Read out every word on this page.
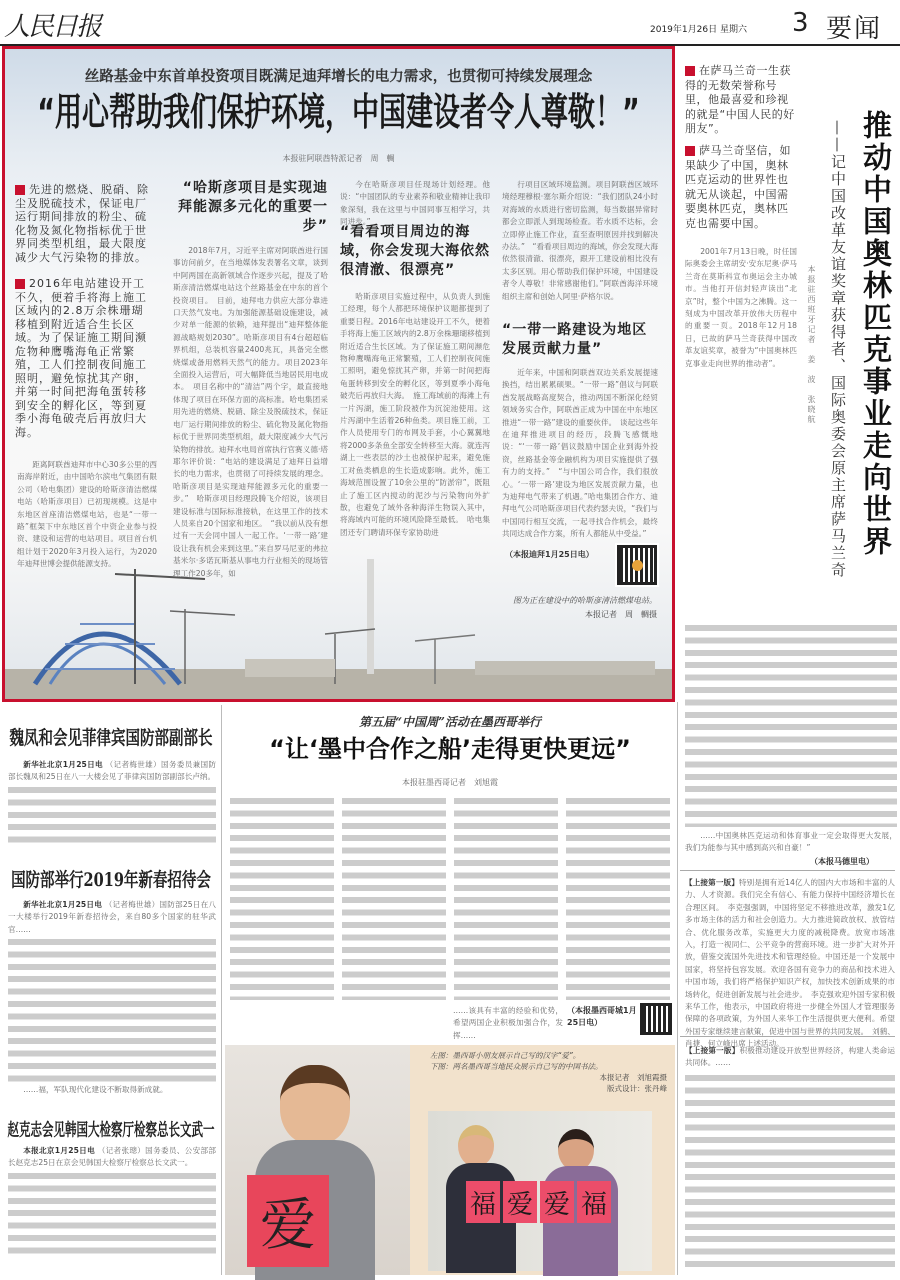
人民日报	2019年1月26日 星期六 3 要闻
丝路基金中东首单投资项目既满足迪拜增长的电力需求，也贯彻可持续发展理念
“用心帮助我们保护环境，中国建设者令人尊敬！”
本报驻阿联酋特派记者　周　輖
先进的燃烧、脱硝、除尘及脱硫技术，保证电厂运行期间排放的粉尘、硫化物及氮化物指标优于世界同类型机组，最大限度减少大气污染物的排放。
2016年电站建设开工不久，便着手将海上施工区域内的2.8万余株珊瑚移植到附近适合生长区域。为了保证施工期间濒危物种鹰嘴海龟正常繁殖，工人们控制夜间施工照明，避免惊扰其产卵，并第一时间把海龟蛋转移到安全的孵化区，等到夏季小海龟破壳后再放归大海。
距离阿联酋迪拜市中心30多公里的西南海岸附近，由中国哈尔滨电气集团有限公司（哈电集团）建设的哈斯彦清洁燃煤电站（哈斯彦项目）已初现规模。这是中东地区首座清洁燃煤电站，也是“一带一路”框架下中东地区首个中资企业参与投资、建设和运营的电站项目。项目首台机组计划于2020年3月投入运行，为2020年迪拜世博会提供能源支持。
“哈斯彦项目是实现迪拜能源多元化的重要一步”
2018年7月，习近平主席对阿联酋进行国事访问前夕，在当地媒体发表署名文章，谈到中阿两国在高新领域合作逐步兴起，提及了哈斯彦清洁燃煤电站这个丝路基金在中东的首个投资项目。　目前，迪拜电力供应大部分靠进口天然气发电。为加强能源基础设施建设，减少对单一能源的依赖，迪拜提出“迪拜整体能源战略规划2030”。哈斯彦项目有4台超超临界机组，总装机容量2400兆瓦，具备完全燃烧煤或备用燃料天然气的能力。项目2023年全面投入运营后，可大幅降低当地居民用电成本。　项目名称中的“清洁”两个字，最直接地体现了项目在环保方面的高标准。哈电集团采用先进的燃烧、脱硝、除尘及脱硫技术，保证电厂运行期间排放的粉尘、硫化物及氮化物指标优于世界同类型机组，最大限度减少大气污染物的排放。迪拜水电局首席执行官赛义德·塔耶尔评价说：“电站的建设满足了迪拜日益增长的电力需求，也贯彻了可持续发展的理念。哈斯彦项目是实现迪拜能源多元化的重要一步。”　哈斯彦项目经理段腾飞介绍说，该项目建设标准与国际标准接轨，在这里工作的技术人员来自20个国家和地区。　“我以前从没有想过有一天会同中国人一起工作。‘一带一路’建设让我有机会来到这里。”来自罗马尼亚的弗拉基米尔·多诺瓦斯基从事电力行业相关的现场管理工作20多年，如
今在哈斯彦项目任现场计划经理。他说：“中国团队的专业素养和敬业精神让我印象深刻，我在这里与中国同事互相学习，共同进步。”
“看看项目周边的海域，你会发现大海依然很清澈、很漂亮”
哈斯彦项目实施过程中，从负责人到施工经理，每个人都把环境保护议题都提到了重要日程。2016年电站建设开工不久，便着手将海上施工区域内的2.8万余株珊瑚移植到附近适合生长区域。为了保证施工期间濒危物种鹰嘴海龟正常繁殖，工人们控制夜间施工照明，避免惊扰其产卵，并第一时间把海龟蛋转移到安全的孵化区，等到夏季小海龟破壳后再放归大海。　施工海域前的海滩上有一片泻湖，施工阶段被作为沉淀池使用。这片泻湖中生活着26种鱼类。项目施工前，工作人员使用专门的布网及手套，小心翼翼地将2000多条鱼全部安全转移至大海。就连泻湖上一些表层的沙土也被保护起来，避免施工对鱼类栖息的生长造成影响。此外，施工海域范围设置了10余公里的“防淤帘”，既阻止了施工区内搅动的泥沙与污染物向外扩散，也避免了域外各种海洋生物误入其中，将海域内可能的环境风险降至最低。　哈电集团还专门聘请环保专家协助进
行项目区域环境监测。项目阿联酋区域环境经理穆根·塞尔斯介绍说：“我们团队24小时对海域的水质进行密切监测，每当数据异常时都会立即派人到现场检查。若水质不达标，会立即停止施工作业，直至查明原因并找到解决办法。”　“看看项目周边的海域，你会发现大海依然很清澈、很漂亮，跟开工建设前相比没有太多区别。用心帮助我们保护环境，中国建设者令人尊敬！非常感谢他们。”阿联酋海洋环境组织主席和创始人阿里·萨格尔说。
“一带一路建设为地区发展贡献力量”
近年来，中国和阿联酋双边关系发展提速换挡，结出累累硕果。“一带一路”倡议与阿联酋发展战略高度契合，推动两国不断深化经贸领域务实合作，阿联酋正成为中国在中东地区推进“一带一路”建设的重要伙伴。　谈起这些年在迪拜推进项目的经历，段腾飞感慨地说：“‘一带一路’倡议鼓励中国企业到海外投资，丝路基金等金融机构为项目实施提供了强有力的支持。”　“与中国公司合作，我们很放心。‘一带一路’建设为地区发展贡献力量，也为迪拜电气带来了机遇。”哈电集团合作方、迪拜电气公司哈斯彦项目代表约瑟夫说，“我们与中国同行相互交流，一起寻找合作机会，最终共同达成合作方案，所有人都能从中受益。”
（本报迪拜1月25日电）
图为正在建设中的哈斯彦清洁燃煤电站。
本报记者　周　輖摄
在萨马兰奇一生获得的无数荣誉称号里，他最喜爱和珍视的就是“中国人民的好朋友”。
萨马兰奇坚信，如果缺少了中国，奥林匹克运动的世界性也就无从谈起，中国需要奥林匹克，奥林匹克也需要中国。	推动中国奥林匹克事业走向世界
——记中国改革友谊奖章获得者、国际奥委会原主席萨马兰奇
本报驻西班牙记者　姜　波　张晓航
2001年7月13日晚，时任国际奥委会主席胡安·安东尼奥·萨马兰奇在莫斯科宣布奥运会主办城市。当他打开信封轻声读出“北京”时，整个中国为之沸腾。这一刻成为中国改革开放伟大历程中的重要一页。2018年12月18日，已故的萨马兰奇获得中国改革友谊奖章，被誉为“中国奥林匹克事业走向世界的推动者”。
……中国奥林匹克运动和体育事业一定会取得更大发展，我们为能参与其中感到高兴和自豪！”
（本报马德里电）
【上接第一版】特别是拥有近14亿人的国内大市场和丰富的人力、人才资源。我们完全有信心、有能力保持中国经济增长在合理区间。　李克强强调，中国将坚定不移推进改革，激发1亿多市场主体的活力和社会创造力。大力推进简政放权、放管结合、优化服务改革，实施更大力度的减税降费。放宽市场准入，打造一视同仁、公平竞争的营商环境。进一步扩大对外开放，借鉴交流国外先进技术和管理经验。中国还是一个发展中国家，将坚持包容发展。欢迎各国有竞争力的商品和技术进入中国市场，我们将严格保护知识产权，加快技术创新成果的市场转化，促进创新发展与社会进步。　李克强欢迎外国专家积极来华工作，他表示，中国政府将进一步健全外国人才管理服务保障的各项政策，为外国人来华工作生活提供更大便利。希望外国专家继续建言献策，促进中国与世界的共同发展。　刘鹤、肖捷、何立峰出席上述活动。
【上接第一版】积极推动建设开放型世界经济，构建人类命运共同体。……
魏凤和会见菲律宾国防部副部长
新华社北京1月25日电 （记者梅世雄）国务委员兼国防部长魏凤和25日在八一大楼会见了菲律宾国防部副部长卢纳。
国防部举行2019年新春招待会
新华社北京1月25日电 （记者梅世雄）国防部25日在八一大楼举行2019年新春招待会，来自80多个国家的驻华武官……
……福，军队现代化建设不断取得新成就。
赵克志会见韩国大检察厅检察总长文武一
本报北京1月25日电 （记者张璁）国务委员、公安部部长赵克志25日在京会见韩国大检察厅检察总长文武一。
第五届“中国周”活动在墨西哥举行
“让‘墨中合作之船’走得更快更远”
本报驻墨西哥记者　刘旭霞
……该具有丰富的经验和优势，希望两国企业积极加强合作，发挥……
（本报墨西哥城1月25日电）
爱
左图：墨西哥小朋友展示自己写的汉字“爱”。
下图：两名墨西哥当地民众展示自己写的中国书法。
本报记者　刘旭霞摄
版式设计：张丹峰
福 爱 爱 福
